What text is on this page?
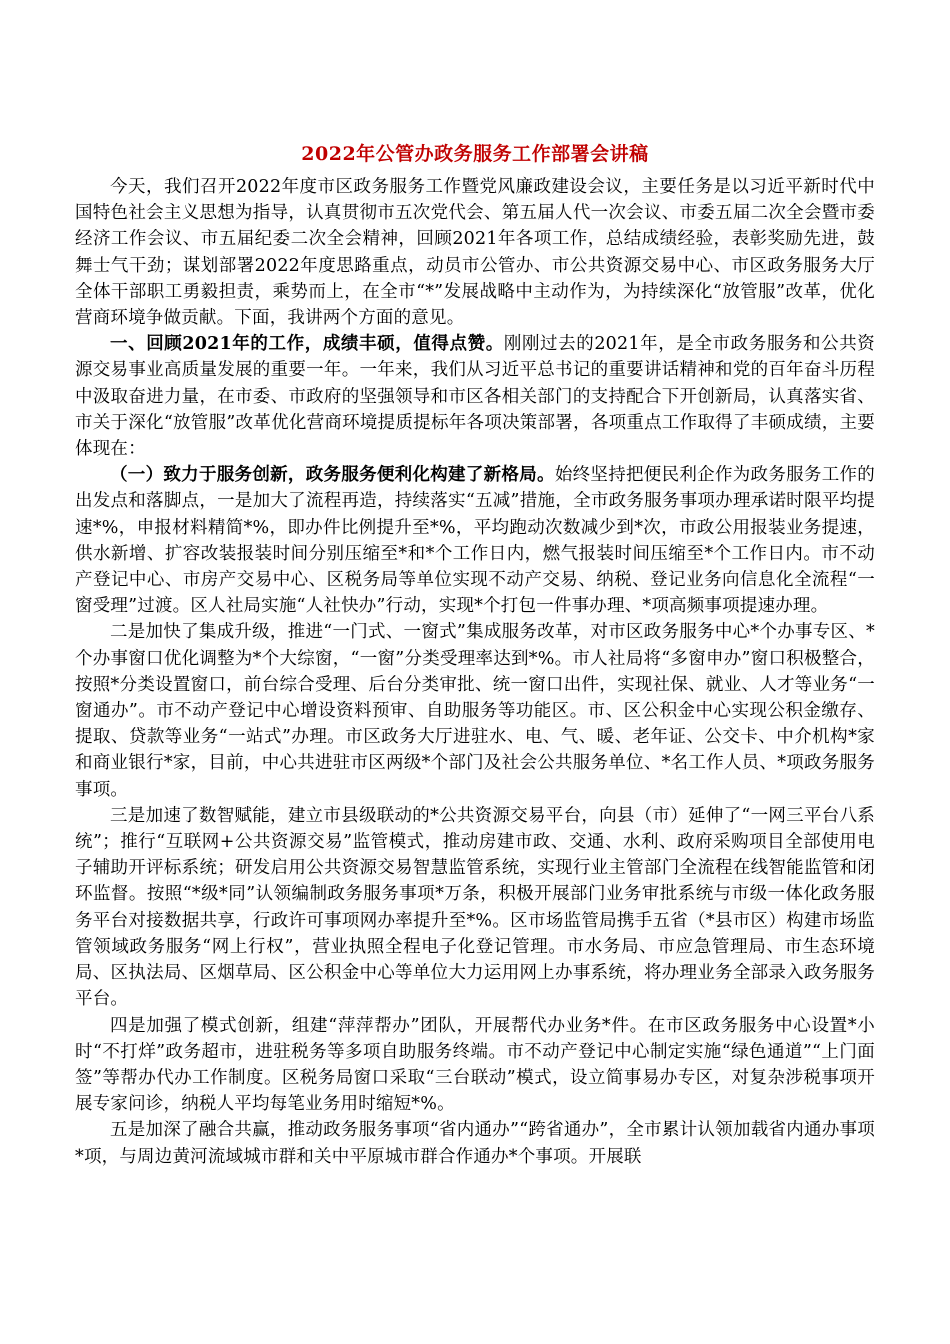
2022年公管办政务服务工作部署会讲稿

今天，我们召开2022年度市区政务服务工作暨党风廉政建设会议，主要任务是以习近平新时代中国特色社会主义思想为指导，认真贯彻市五次党代会、第五届人代一次会议、市委五届二次全会暨市委经济工作会议、市五届纪委二次全会精神，回顾2021年各项工作，总结成绩经验，表彰奖励先进，鼓舞士气干劲；谋划部署2022年度思路重点，动员市公管办、市公共资源交易中心、市区政务服务大厅全体干部职工勇毅担责，乘势而上，在全市“*”发展战略中主动作为，为持续深化“放管服”改革，优化营商环境争做贡献。下面，我讲两个方面的意见。

一、回顾2021年的工作，成绩丰硕，值得点赞。刚刚过去的2021年，是全市政务服务和公共资源交易事业高质量发展的重要一年。一年来，我们从习近平总书记的重要讲话精神和党的百年奋斗历程中汲取奋进力量，在市委、市政府的坚强领导和市区各相关部门的支持配合下开创新局，认真落实省、市关于深化“放管服”改革优化营商环境提质提标年各项决策部署，各项重点工作取得了丰硕成绩，主要体现在：

（一）致力于服务创新，政务服务便利化构建了新格局。始终坚持把便民利企作为政务服务工作的出发点和落脚点，一是加大了流程再造，持续落实“五减”措施，全市政务服务事项办理承诺时限平均提速*%，申报材料精简*%，即办件比例提升至*%，平均跑动次数减少到*次，市政公用报装业务提速，供水新增、扩容改装报装时间分别压缩至*和*个工作日内，燃气报装时间压缩至*个工作日内。市不动产登记中心、市房产交易中心、区税务局等单位实现不动产交易、纳税、登记业务向信息化全流程“一窗受理”过渡。区人社局实施“人社快办”行动，实现*个打包一件事办理、*项高频事项提速办理。

二是加快了集成升级，推进“一门式、一窗式”集成服务改革，对市区政务服务中心*个办事专区、*个办事窗口优化调整为*个大综窗，“一窗”分类受理率达到*%。市人社局将“多窗申办”窗口积极整合，按照*分类设置窗口，前台综合受理、后台分类审批、统一窗口出件，实现社保、就业、人才等业务“一窗通办”。市不动产登记中心增设资料预审、自助服务等功能区。市、区公积金中心实现公积金缴存、提取、贷款等业务“一站式”办理。市区政务大厅进驻水、电、气、暖、老年证、公交卡、中介机构*家和商业银行*家，目前，中心共进驻市区两级*个部门及社会公共服务单位、*名工作人员、*项政务服务事项。

三是加速了数智赋能，建立市县级联动的*公共资源交易平台，向县（市）延伸了“一网三平台八系统”；推行“互联网+公共资源交易”监管模式，推动房建市政、交通、水利、政府采购项目全部使用电子辅助开评标系统；研发启用公共资源交易智慧监管系统，实现行业主管部门全流程在线智能监管和闭环监督。按照“*级*同”认领编制政务服务事项*万条，积极开展部门业务审批系统与市级一体化政务服务平台对接数据共享，行政许可事项网办率提升至*%。区市场监管局携手五省（*县市区）构建市场监管领域政务服务“网上行权”，营业执照全程电子化登记管理。市水务局、市应急管理局、市生态环境局、区执法局、区烟草局、区公积金中心等单位大力运用网上办事系统，将办理业务全部录入政务服务平台。

四是加强了模式创新，组建“萍萍帮办”团队，开展帮代办业务*件。在市区政务服务中心设置*小时“不打烊”政务超市，进驻税务等多项自助服务终端。市不动产登记中心制定实施“绿色通道”“上门面签”等帮办代办工作制度。区税务局窗口采取“三台联动”模式，设立简事易办专区，对复杂涉税事项开展专家问诊，纳税人平均每笔业务用时缩短*%。

五是加深了融合共赢，推动政务服务事项“省内通办”“跨省通办”，全市累计认领加载省内通办事项*项，与周边黄河流域城市群和关中平原城市群合作通办*个事项。开展联
